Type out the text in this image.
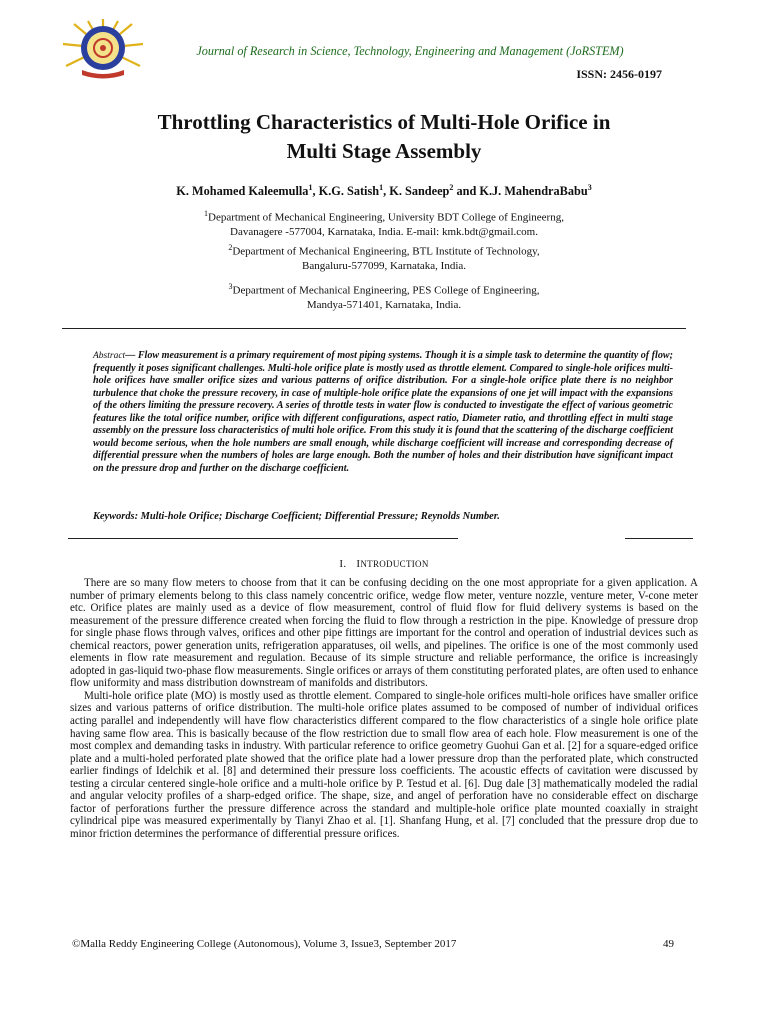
Journal of Research in Science, Technology, Engineering and Management (JoRSTEM)
ISSN: 2456-0197
Throttling Characteristics of Multi-Hole Orifice in
Multi Stage Assembly
K. Mohamed Kaleemulla$^1$, K.G. Satish$^1$, K. Sandeep$^2$ and K.J. MahendraBabu$^3$
$^1$Department of Mechanical Engineering, University BDT College of Engineerng,
Davanagere -577004, Karnataka, India. E-mail: kmk.bdt@gmail.com.
$^2$Department of Mechanical Engineering, BTL Institute of Technology,
Bangaluru-577099, Karnataka, India.
$^3$Department of Mechanical Engineering, PES College of Engineering,
Mandya-571401, Karnataka, India.
Abstract— Flow measurement is a primary requirement of most piping systems. Though it is a simple task to determine the quantity of flow; frequently it poses significant challenges. Multi-hole orifice plate is mostly used as throttle element. Compared to single-hole orifices multi-hole orifices have smaller orifice sizes and various patterns of orifice distribution. For a single-hole orifice plate there is no neighbor turbulence that choke the pressure recovery, in case of multiple-hole orifice plate the expansions of one jet will impact with the expansions of the others limiting the pressure recovery. A series of throttle tests in water flow is conducted to investigate the effect of various geometric features like the total orifice number, orifice with different configurations, aspect ratio, Diameter ratio, and throttling effect in multi stage assembly on the pressure loss characteristics of multi hole orifice. From this study it is found that the scattering of the discharge coefficient would become serious, when the hole numbers are small enough, while discharge coefficient will increase and corresponding decrease of differential pressure when the numbers of holes are large enough. Both the number of holes and their distribution have significant impact on the pressure drop and further on the discharge coefficient.
Keywords: Multi-hole Orifice; Discharge Coefficient; Differential Pressure; Reynolds Number.
I. INTRODUCTION

There are so many flow meters to choose from that it can be confusing deciding on the one most appropriate for a given application. A number of primary elements belong to this class namely concentric orifice, wedge flow meter, venture nozzle, venture meter, V-cone meter etc. Orifice plates are mainly used as a device of flow measurement, control of fluid flow for fluid delivery systems is based on the measurement of the pressure difference created when forcing the fluid to flow through a restriction in the pipe. Knowledge of pressure drop for single phase flows through valves, orifices and other pipe fittings are important for the control and operation of industrial devices such as chemical reactors, power generation units, refrigeration apparatuses, oil wells, and pipelines. The orifice is one of the most commonly used elements in flow rate measurement and regulation. Because of its simple structure and reliable performance, the orifice is increasingly adopted in gas-liquid two-phase flow measurements. Single orifices or arrays of them constituting perforated plates, are often used to enhance flow uniformity and mass distribution downstream of manifolds and distributors.

Multi-hole orifice plate (MO) is mostly used as throttle element. Compared to single-hole orifices multi-hole orifices have smaller orifice sizes and various patterns of orifice distribution. The multi-hole orifice plates assumed to be composed of number of individual orifices acting parallel and independently will have flow characteristics different compared to the flow characteristics of a single hole orifice plate having same flow area. This is basically because of the flow restriction due to small flow area of each hole. Flow measurement is one of the most complex and demanding tasks in industry. With particular reference to orifice geometry Guohui Gan et al. [2] for a square-edged orifice plate and a multi-holed perforated plate showed that the orifice plate had a lower pressure drop than the perforated plate, which constructed earlier findings of Idelchik et al. [8] and determined their pressure loss coefficients. The acoustic effects of cavitation were discussed by testing a circular centered single-hole orifice and a multi-hole orifice by P. Testud et al. [6]. Dug dale [3] mathematically modeled the radial and angular velocity profiles of a sharp-edged orifice. The shape, size, and angel of perforation have no considerable effect on discharge factor of perforations further the pressure difference across the standard and multiple-hole orifice plate mounted coaxially in straight cylindrical pipe was measured experimentally by Tianyi Zhao et al. [1]. Shanfang Hung, et al. [7] concluded that the pressure drop due to minor friction determines the performance of differential pressure orifices.

©Malla Reddy Engineering College (Autonomous), Volume 3, Issue3, September 2017	49
